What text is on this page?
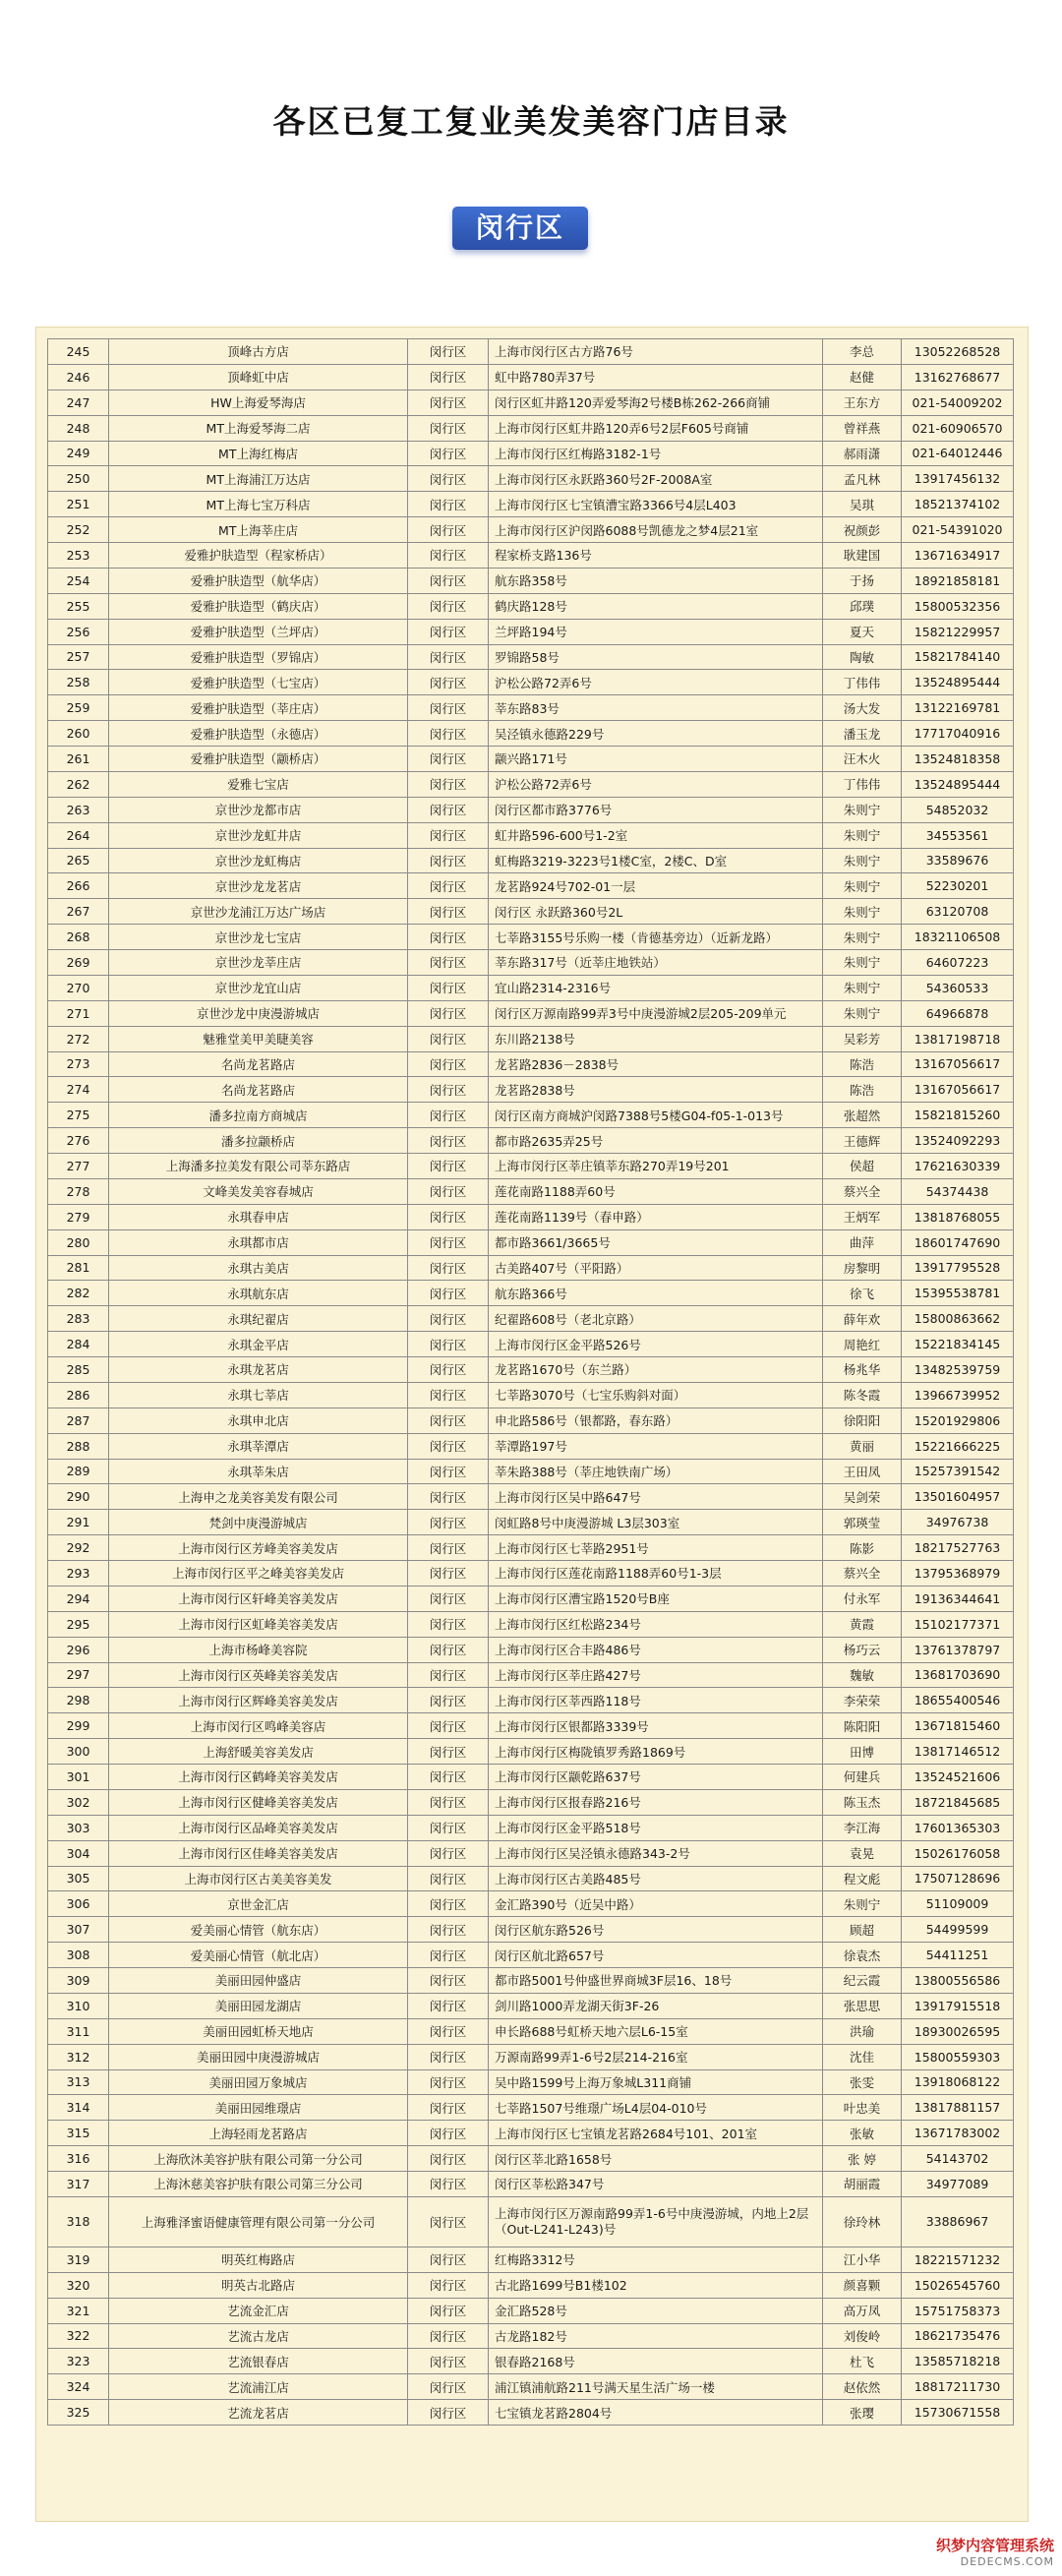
各区已复工复业美发美容门店目录
闵行区
245	顶峰古方店	闵行区	上海市闵行区古方路76号	李总	13052268528
246	顶峰虹中店	闵行区	虹中路780弄37号	赵健	13162768677
247	HW上海爱琴海店	闵行区	闵行区虹井路120弄爱琴海2号楼B栋262-266商铺	王东方	021-54009202
248	MT上海爱琴海二店	闵行区	上海市闵行区虹井路120弄6号2层F605号商铺	曾祥燕	021-60906570
249	MT上海红梅店	闵行区	上海市闵行区红梅路3182-1号	郝雨潇	021-64012446
250	MT上海浦江万达店	闵行区	上海市闵行区永跃路360号2F-2008A室	孟凡林	13917456132
251	MT上海七宝万科店	闵行区	上海市闵行区七宝镇漕宝路3366号4层L403	吴琪	18521374102
252	MT上海莘庄店	闵行区	上海市闵行区沪闵路6088号凯德龙之梦4层21室	祝颜彭	021-54391020
253	爱雅护肤造型（程家桥店）	闵行区	程家桥支路136号	耿建国	13671634917
254	爱雅护肤造型（航华店）	闵行区	航东路358号	于扬	18921858181
255	爱雅护肤造型（鹤庆店）	闵行区	鹤庆路128号	邱璞	15800532356
256	爱雅护肤造型（兰坪店）	闵行区	兰坪路194号	夏天	15821229957
257	爱雅护肤造型（罗锦店）	闵行区	罗锦路58号	陶敏	15821784140
258	爱雅护肤造型（七宝店）	闵行区	沪松公路72弄6号	丁伟伟	13524895444
259	爱雅护肤造型（莘庄店）	闵行区	莘东路83号	汤大发	13122169781
260	爱雅护肤造型（永德店）	闵行区	吴泾镇永德路229号	潘玉龙	17717040916
261	爱雅护肤造型（颛桥店）	闵行区	颛兴路171号	汪木火	13524818358
262	爱雅七宝店	闵行区	沪松公路72弄6号	丁伟伟	13524895444
263	京世沙龙都市店	闵行区	闵行区都市路3776号	朱则宁	54852032
264	京世沙龙虹井店	闵行区	虹井路596-600号1-2室	朱则宁	34553561
265	京世沙龙虹梅店	闵行区	虹梅路3219-3223号1楼C室，2楼C、D室	朱则宁	33589676
266	京世沙龙龙茗店	闵行区	龙茗路924号702-01一层	朱则宁	52230201
267	京世沙龙浦江万达广场店	闵行区	闵行区 永跃路360号2L	朱则宁	63120708
268	京世沙龙七宝店	闵行区	七莘路3155号乐购一楼（肯德基旁边）（近新龙路）	朱则宁	18321106508
269	京世沙龙莘庄店	闵行区	莘东路317号（近莘庄地铁站）	朱则宁	64607223
270	京世沙龙宜山店	闵行区	宜山路2314-2316号	朱则宁	54360533
271	京世沙龙中庚漫游城店	闵行区	闵行区万源南路99弄3号中庚漫游城2层205-209单元	朱则宁	64966878
272	魅雅堂美甲美睫美容	闵行区	东川路2138号	吴彩芳	13817198718
273	名尚龙茗路店	闵行区	龙茗路2836－2838号	陈浩	13167056617
274	名尚龙茗路店	闵行区	龙茗路2838号	陈浩	13167056617
275	潘多拉南方商城店	闵行区	闵行区南方商城沪闵路7388号5楼G04-f05-1-013号	张超然	15821815260
276	潘多拉颛桥店	闵行区	都市路2635弄25号	王德辉	13524092293
277	上海潘多拉美发有限公司莘东路店	闵行区	上海市闵行区莘庄镇莘东路270弄19号201	侯超	17621630339
278	文峰美发美容春城店	闵行区	莲花南路1188弄60号	蔡兴全	54374438
279	永琪春申店	闵行区	莲花南路1139号（春申路）	王炳军	13818768055
280	永琪都市店	闵行区	都市路3661/3665号	曲萍	18601747690
281	永琪古美店	闵行区	古美路407号（平阳路）	房黎明	13917795528
282	永琪航东店	闵行区	航东路366号	徐飞	15395538781
283	永琪纪翟店	闵行区	纪翟路608号（老北京路）	薛年欢	15800863662
284	永琪金平店	闵行区	上海市闵行区金平路526号	周艳红	15221834145
285	永琪龙茗店	闵行区	龙茗路1670号（东兰路）	杨兆华	13482539759
286	永琪七莘店	闵行区	七莘路3070号（七宝乐购斜对面）	陈冬霞	13966739952
287	永琪申北店	闵行区	申北路586号（银都路，春东路）	徐阳阳	15201929806
288	永琪莘潭店	闵行区	莘潭路197号	黄丽	15221666225
289	永琪莘朱店	闵行区	莘朱路388号（莘庄地铁南广场）	王田凤	15257391542
290	上海申之龙美容美发有限公司	闵行区	上海市闵行区吴中路647号	吴剑荣	13501604957
291	梵剑中庚漫游城店	闵行区	闵虹路8号中庚漫游城 L3层303室	郭瑛莹	34976738
292	上海市闵行区芳峰美容美发店	闵行区	上海市闵行区七莘路2951号	陈影	18217527763
293	上海市闵行区平之峰美容美发店	闵行区	上海市闵行区莲花南路1188弄60号1-3层	蔡兴全	13795368979
294	上海市闵行区轩峰美容美发店	闵行区	上海市闵行区漕宝路1520号B座	付永军	19136344641
295	上海市闵行区虹峰美容美发店	闵行区	上海市闵行区红松路234号	黄霞	15102177371
296	上海市杨峰美容院	闵行区	上海市闵行区合丰路486号	杨巧云	13761378797
297	上海市闵行区英峰美容美发店	闵行区	上海市闵行区莘庄路427号	魏敏	13681703690
298	上海市闵行区辉峰美容美发店	闵行区	上海市闵行区莘西路118号	李荣荣	18655400546
299	上海市闵行区鸣峰美容店	闵行区	上海市闵行区银都路3339号	陈阳阳	13671815460
300	上海舒暖美容美发店	闵行区	上海市闵行区梅陇镇罗秀路1869号	田博	13817146512
301	上海市闵行区鹤峰美容美发店	闵行区	上海市闵行区颛乾路637号	何建兵	13524521606
302	上海市闵行区健峰美容美发店	闵行区	上海市闵行区报春路216号	陈玉杰	18721845685
303	上海市闵行区品峰美容美发店	闵行区	上海市闵行区金平路518号	李江海	17601365303
304	上海市闵行区佳峰美容美发店	闵行区	上海市闵行区吴泾镇永德路343-2号	袁晃	15026176058
305	上海市闵行区古美美容美发	闵行区	上海市闵行区古美路485号	程文彪	17507128696
306	京世金汇店	闵行区	金汇路390号（近吴中路）	朱则宁	51109009
307	爱美丽心情管（航东店）	闵行区	闵行区航东路526号	顾超	54499599
308	爱美丽心情管（航北店）	闵行区	闵行区航北路657号	徐袁杰	54411251
309	美丽田园仲盛店	闵行区	都市路5001号仲盛世界商城3F层16、18号	纪云霞	13800556586
310	美丽田园龙湖店	闵行区	剑川路1000弄龙湖天街3F-26	张思思	13917915518
311	美丽田园虹桥天地店	闵行区	申长路688号虹桥天地六层L6-15室	洪瑜	18930026595
312	美丽田园中庚漫游城店	闵行区	万源南路99弄1-6号2层214-216室	沈佳	15800559303
313	美丽田园万象城店	闵行区	吴中路1599号上海万象城L311商铺	张雯	13918068122
314	美丽田园维璟店	闵行区	七莘路1507号维璟广场L4层04-010号	叶忠美	13817881157
315	上海轻雨龙茗路店	闵行区	上海市闵行区七宝镇龙茗路2684号101、201室	张敏	13671783002
316	上海欣沐美容护肤有限公司第一分公司	闵行区	闵行区莘北路1658号	张 婷	54143702
317	上海沐慈美容护肤有限公司第三分公司	闵行区	闵行区莘松路347号	胡丽霞	34977089
318	上海雅泽蜜语健康管理有限公司第一分公司	闵行区	上海市闵行区万源南路99弄1-6号中庚漫游城，内地上2层（Out-L241-L243)号	徐玲林	33886967
319	明英红梅路店	闵行区	红梅路3312号	江小华	18221571232
320	明英古北路店	闵行区	古北路1699号B1楼102	颜喜颗	15026545760
321	艺流金汇店	闵行区	金汇路528号	高万凤	15751758373
322	艺流古龙店	闵行区	古龙路182号	刘俊岭	18621735476
323	艺流银春店	闵行区	银春路2168号	杜飞	13585718218
324	艺流浦江店	闵行区	浦江镇浦航路211号满天星生活广场一楼	赵依然	18817211730
325	艺流龙茗店	闵行区	七宝镇龙茗路2804号	张璎	15730671558
织梦内容管理系统
DEDECMS.COM
